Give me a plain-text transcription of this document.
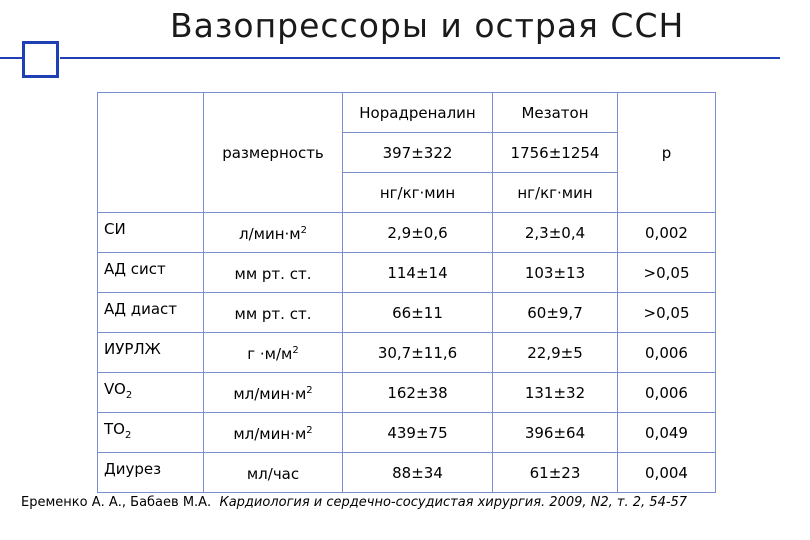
Вазопрессоры и острая ССН
	размерность	Норадреналин	Мезатон	р
		397±322	1756±1254	
		нг/кг·мин	нг/кг·мин	
СИ	$л/мин\cdot м^2$	2,9±0,6	2,3±0,4	0,002
АД сист	мм рт. ст.	114±14	103±13	>0,05
АД диаст	мм рт. ст.	66±11	60±9,7	>0,05
ИУРЛЖ	$г \cdot м/м^2$	30,7±11,6	22,9±5	0,006
$VO_2$	$мл/мин\cdot м^2$	162±38	131±32	0,006
$TO_2$	$мл/мин\cdot м^2$	439±75	396±64	0,049
Диурез	мл/час	88±34	61±23	0,004
Еременко А. А., Бабаев М.А. Кардиология и сердечно-сосудистая хирургия. 2009, N2, т. 2, 54-57
